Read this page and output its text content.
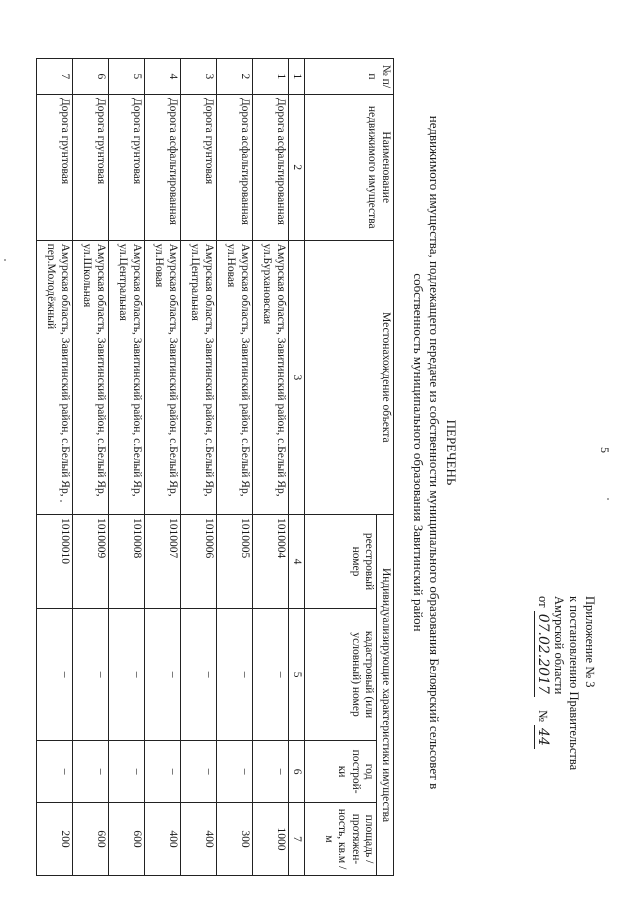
5
Приложение № 3
к постановлению Правительства
Амурской области
от 07.02.2017 № 44
ПЕРЕЧЕНЬ
недвижимого имущества, подлежащего передаче из собственности муниципального образования Белоярский сельсовет в
собственность муниципального образования Завитинский район
№ п/п	Наименование недвижимого имущества	Местонахождение объекта	Индивидуализирующие характеристики имущества			
			реестровый номер	кадастровый (или условный) номер	год построй-ки	площадь / протяжен-ность, кв.м / м
1	2	3	4	5	6	7
1	Дорога асфальтированная	Амурская область, Завитинский район, с.Белый Яр, ул.Бурхановская	1010004	–	–	1000
2	Дорога асфальтированная	Амурская область, Завитинский район, с.Белый Яр, ул.Новая	1010005	–	–	300
3	Дорога грунтовая	Амурская область, Завитинский район, с.Белый Яр, ул.Центральная	1010006	–	–	400
4	Дорога асфальтированная	Амурская область, Завитинский район, с.Белый Яр, ул.Новая	1010007	–	–	400
5	Дорога грунтовая	Амурская область, Завитинский район, с.Белый Яр, ул.Центральная	1010008	–	–	600
6	Дорога грунтовая	Амурская область, Завитинский район, с.Белый Яр, ул.Школьная	1010009	–	–	600
7	Дорога грунтовая	Амурская область, Завитинский район, с.Белый Яр, пер.Молодёжный	10100010	–	–	200
